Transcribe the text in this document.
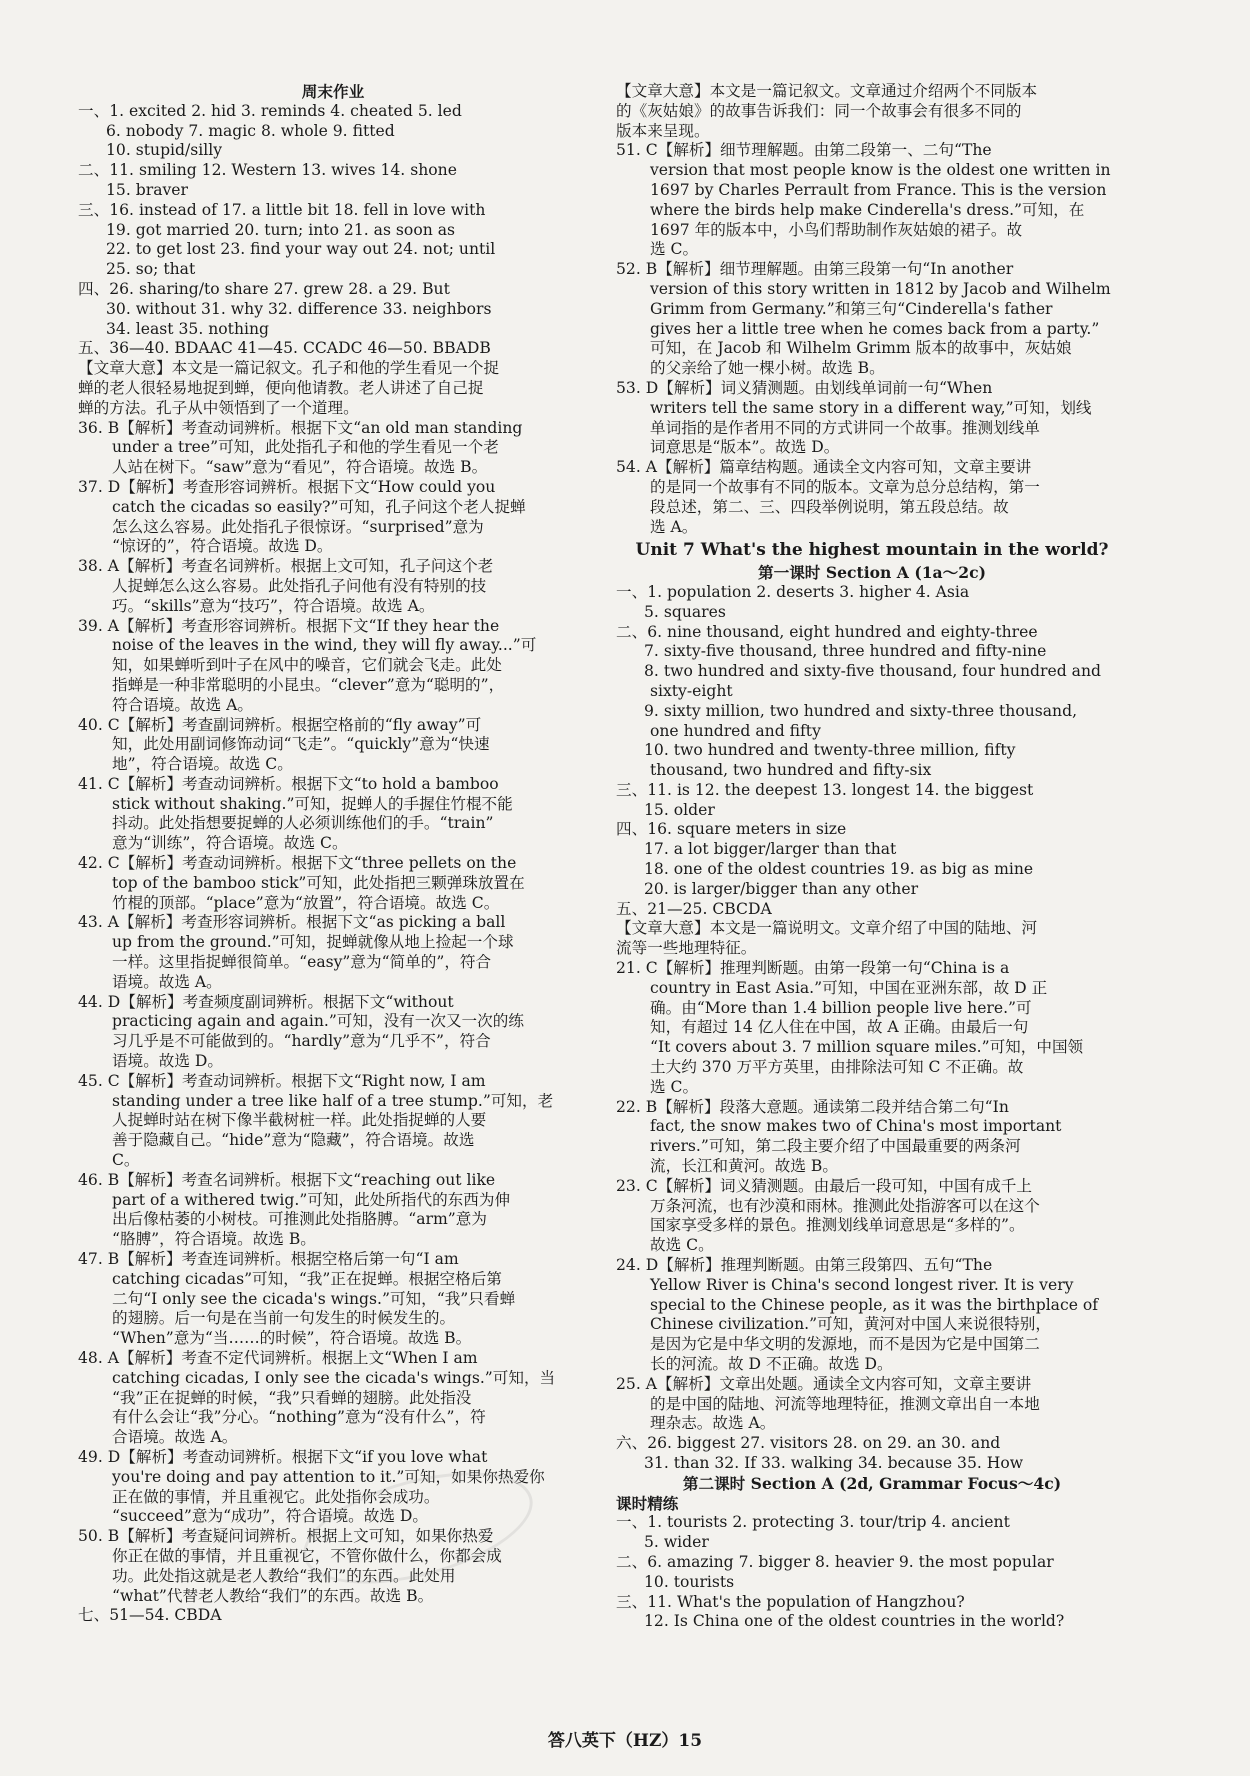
周末作业
一、1. excited 2. hid 3. reminds 4. cheated 5. led
6. nobody 7. magic 8. whole 9. fitted
10. stupid/silly
二、11. smiling 12. Western 13. wives 14. shone
15. braver
三、16. instead of 17. a little bit 18. fell in love with
19. got married 20. turn; into 21. as soon as
22. to get lost 23. find your way out 24. not; until
25. so; that
四、26. sharing/to share 27. grew 28. a 29. But
30. without 31. why 32. difference 33. neighbors
34. least 35. nothing
五、36—40. BDAAC 41—45. CCADC 46—50. BBADB
【文章大意】本文是一篇记叙文。孔子和他的学生看见一个捉
蝉的老人很轻易地捉到蝉，便向他请教。老人讲述了自己捉
蝉的方法。孔子从中领悟到了一个道理。
36. B【解析】考查动词辨析。根据下文“an old man standing
under a tree”可知，此处指孔子和他的学生看见一个老
人站在树下。“saw”意为“看见”，符合语境。故选 B。
37. D【解析】考查形容词辨析。根据下文“How could you
catch the cicadas so easily?”可知，孔子问这个老人捉蝉
怎么这么容易。此处指孔子很惊讶。“surprised”意为
“惊讶的”，符合语境。故选 D。
38. A【解析】考查名词辨析。根据上文可知，孔子问这个老
人捉蝉怎么这么容易。此处指孔子问他有没有特别的技
巧。“skills”意为“技巧”，符合语境。故选 A。
39. A【解析】考查形容词辨析。根据下文“If they hear the
noise of the leaves in the wind, they will fly away...”可
知，如果蝉听到叶子在风中的噪音，它们就会飞走。此处
指蝉是一种非常聪明的小昆虫。“clever”意为“聪明的”，
符合语境。故选 A。
40. C【解析】考查副词辨析。根据空格前的“fly away”可
知，此处用副词修饰动词“飞走”。“quickly”意为“快速
地”，符合语境。故选 C。
41. C【解析】考查动词辨析。根据下文“to hold a bamboo
stick without shaking.”可知，捉蝉人的手握住竹棍不能
抖动。此处指想要捉蝉的人必须训练他们的手。“train”
意为“训练”，符合语境。故选 C。
42. C【解析】考查动词辨析。根据下文“three pellets on the
top of the bamboo stick”可知，此处指把三颗弹珠放置在
竹棍的顶部。“place”意为“放置”，符合语境。故选 C。
43. A【解析】考查形容词辨析。根据下文“as picking a ball
up from the ground.”可知，捉蝉就像从地上捡起一个球
一样。这里指捉蝉很简单。“easy”意为“简单的”，符合
语境。故选 A。
44. D【解析】考查频度副词辨析。根据下文“without
practicing again and again.”可知，没有一次又一次的练
习几乎是不可能做到的。“hardly”意为“几乎不”，符合
语境。故选 D。
45. C【解析】考查动词辨析。根据下文“Right now, I am
standing under a tree like half of a tree stump.”可知，老
人捉蝉时站在树下像半截树桩一样。此处指捉蝉的人要
善于隐藏自己。“hide”意为“隐藏”，符合语境。故选
C。
46. B【解析】考查名词辨析。根据下文“reaching out like
part of a withered twig.”可知，此处所指代的东西为伸
出后像枯萎的小树枝。可推测此处指胳膊。“arm”意为
“胳膊”，符合语境。故选 B。
47. B【解析】考查连词辨析。根据空格后第一句“I am
catching cicadas”可知，“我”正在捉蝉。根据空格后第
二句“I only see the cicada's wings.”可知，“我”只看蝉
的翅膀。后一句是在当前一句发生的时候发生的。
“When”意为“当……的时候”，符合语境。故选 B。
48. A【解析】考查不定代词辨析。根据上文“When I am
catching cicadas, I only see the cicada's wings.”可知，当
“我”正在捉蝉的时候，“我”只看蝉的翅膀。此处指没
有什么会让“我”分心。“nothing”意为“没有什么”，符
合语境。故选 A。
49. D【解析】考查动词辨析。根据下文“if you love what
you're doing and pay attention to it.”可知，如果你热爱你
正在做的事情，并且重视它。此处指你会成功。
“succeed”意为“成功”，符合语境。故选 D。
50. B【解析】考查疑问词辨析。根据上文可知，如果你热爱
你正在做的事情，并且重视它，不管你做什么，你都会成
功。此处指这就是老人教给“我们”的东西。此处用
“what”代替老人教给“我们”的东西。故选 B。
七、51—54. CBDA
【文章大意】本文是一篇记叙文。文章通过介绍两个不同版本
的《灰姑娘》的故事告诉我们：同一个故事会有很多不同的
版本来呈现。
51. C【解析】细节理解题。由第二段第一、二句“The
version that most people know is the oldest one written in
1697 by Charles Perrault from France. This is the version
where the birds help make Cinderella's dress.”可知，在
1697 年的版本中，小鸟们帮助制作灰姑娘的裙子。故
选 C。
52. B【解析】细节理解题。由第三段第一句“In another
version of this story written in 1812 by Jacob and Wilhelm
Grimm from Germany.”和第三句“Cinderella's father
gives her a little tree when he comes back from a party.”
可知，在 Jacob 和 Wilhelm Grimm 版本的故事中，灰姑娘
的父亲给了她一棵小树。故选 B。
53. D【解析】词义猜测题。由划线单词前一句“When
writers tell the same story in a different way,”可知，划线
单词指的是作者用不同的方式讲同一个故事。推测划线单
词意思是“版本”。故选 D。
54. A【解析】篇章结构题。通读全文内容可知，文章主要讲
的是同一个故事有不同的版本。文章为总分总结构，第一
段总述，第二、三、四段举例说明，第五段总结。故
选 A。
Unit 7 What's the highest mountain in the world?
第一课时 Section A (1a～2c)
一、1. population 2. deserts 3. higher 4. Asia
5. squares
二、6. nine thousand, eight hundred and eighty-three
7. sixty-five thousand, three hundred and fifty-nine
8. two hundred and sixty-five thousand, four hundred and
sixty-eight
9. sixty million, two hundred and sixty-three thousand,
one hundred and fifty
10. two hundred and twenty-three million, fifty
thousand, two hundred and fifty-six
三、11. is 12. the deepest 13. longest 14. the biggest
15. older
四、16. square meters in size
17. a lot bigger/larger than that
18. one of the oldest countries 19. as big as mine
20. is larger/bigger than any other
五、21—25. CBCDA
【文章大意】本文是一篇说明文。文章介绍了中国的陆地、河
流等一些地理特征。
21. C【解析】推理判断题。由第一段第一句“China is a
country in East Asia.”可知，中国在亚洲东部，故 D 正
确。由“More than 1.4 billion people live here.”可
知，有超过 14 亿人住在中国，故 A 正确。由最后一句
“It covers about 3. 7 million square miles.”可知，中国领
土大约 370 万平方英里，由排除法可知 C 不正确。故
选 C。
22. B【解析】段落大意题。通读第二段并结合第二句“In
fact, the snow makes two of China's most important
rivers.”可知，第二段主要介绍了中国最重要的两条河
流，长江和黄河。故选 B。
23. C【解析】词义猜测题。由最后一段可知，中国有成千上
万条河流，也有沙漠和雨林。推测此处指游客可以在这个
国家享受多样的景色。推测划线单词意思是“多样的”。
故选 C。
24. D【解析】推理判断题。由第三段第四、五句“The
Yellow River is China's second longest river. It is very
special to the Chinese people, as it was the birthplace of
Chinese civilization.”可知，黄河对中国人来说很特别，
是因为它是中华文明的发源地，而不是因为它是中国第二
长的河流。故 D 不正确。故选 D。
25. A【解析】文章出处题。通读全文内容可知，文章主要讲
的是中国的陆地、河流等地理特征，推测文章出自一本地
理杂志。故选 A。
六、26. biggest 27. visitors 28. on 29. an 30. and
31. than 32. If 33. walking 34. because 35. How
第二课时 Section A (2d, Grammar Focus～4c)
课时精练
一、1. tourists 2. protecting 3. tour/trip 4. ancient
5. wider
二、6. amazing 7. bigger 8. heavier 9. the most popular
10. tourists
三、11. What's the population of Hangzhou?
12. Is China one of the oldest countries in the world?
答八英下（HZ）15
